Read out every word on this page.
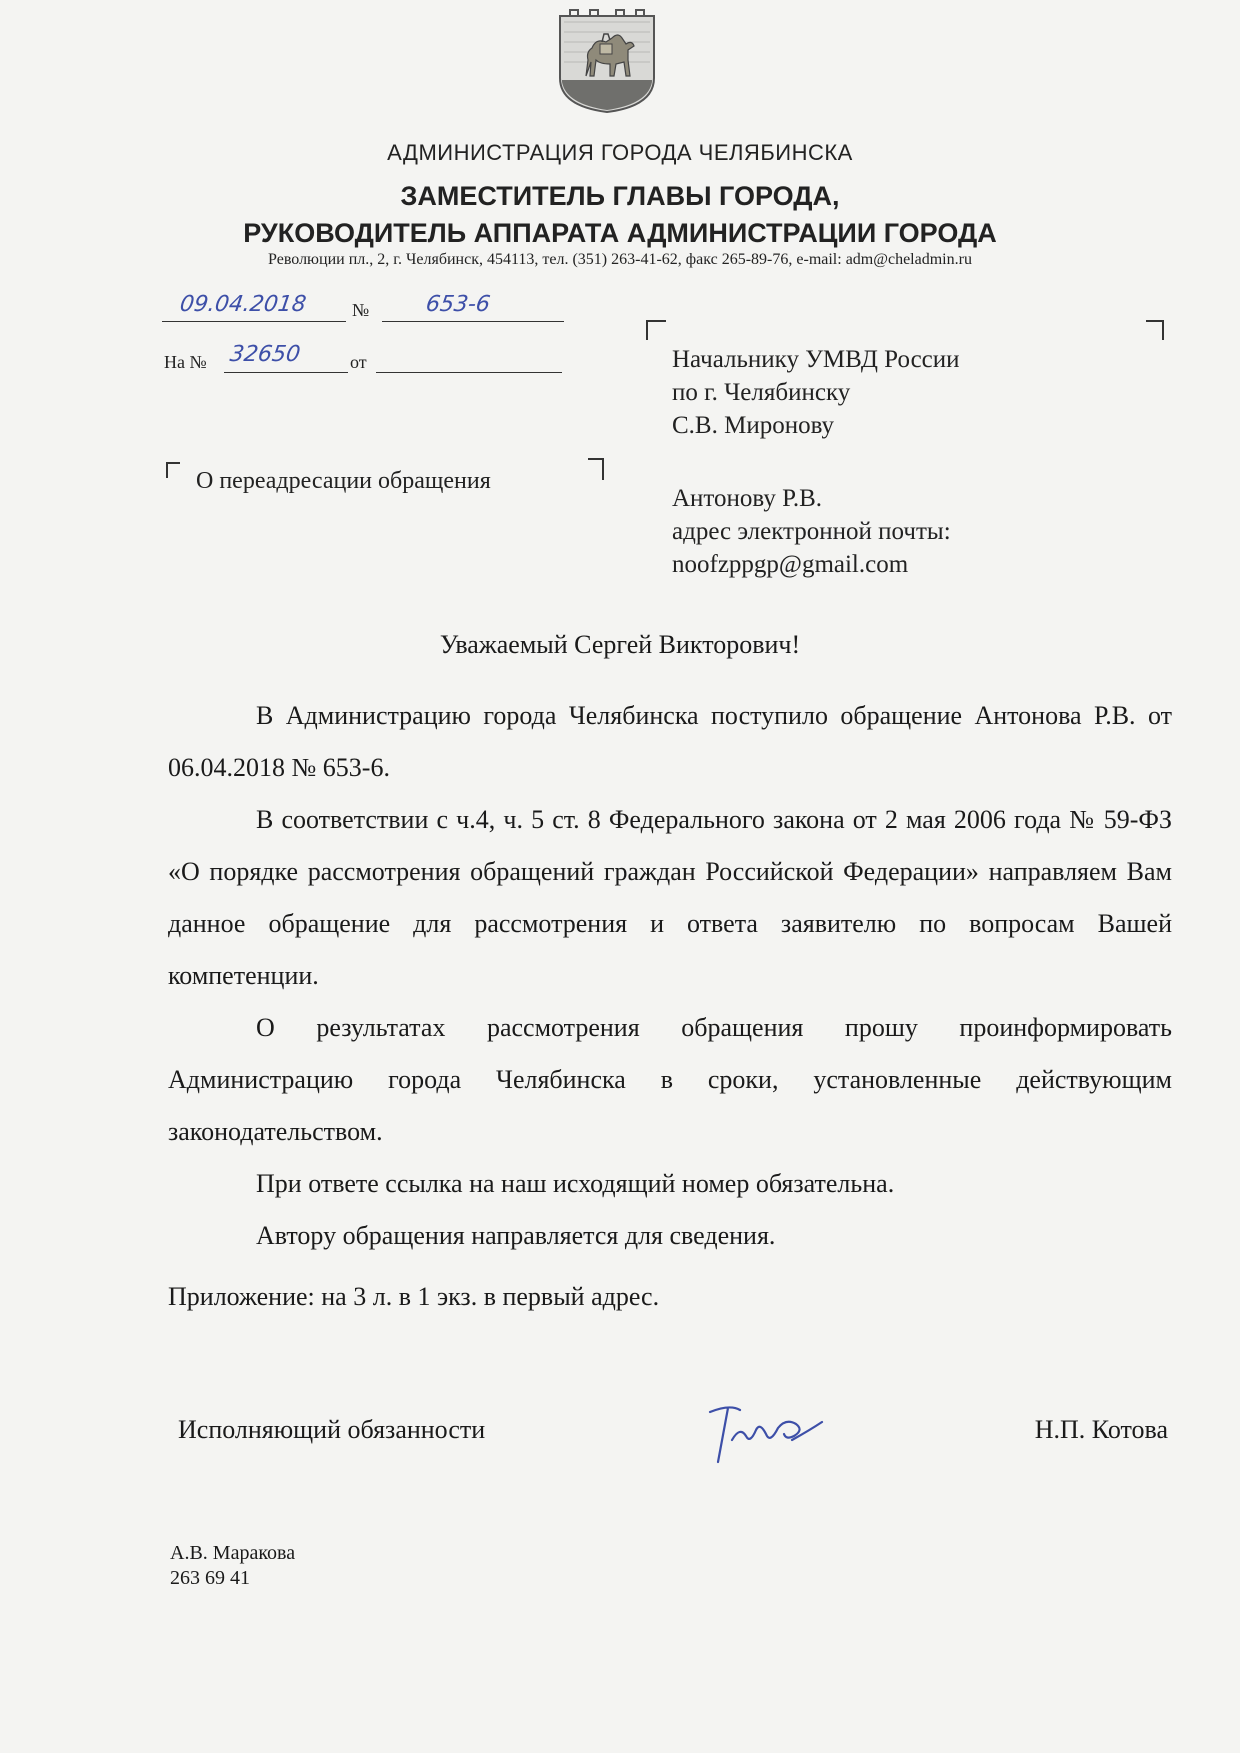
АДМИНИСТРАЦИЯ ГОРОДА ЧЕЛЯБИНСКА
ЗАМЕСТИТЕЛЬ ГЛАВЫ ГОРОДА,
РУКОВОДИТЕЛЬ АППАРАТА АДМИНИСТРАЦИИ ГОРОДА
Революции пл., 2, г. Челябинск, 454113, тел. (351) 263-41-62, факс 265-89-76, e-mail: adm@cheladmin.ru
09.04.2018 №	653-6
На № 32650	от
О переадресации обращения
Начальнику УМВД России
по г. Челябинску
С.В. Миронову
Антонову Р.В.
адрес электронной почты:
noofzppgp@gmail.com
Уважаемый Сергей Викторович!

В Администрацию города Челябинска поступило обращение Антонова Р.В. от 06.04.2018 № 653-6.

В соответствии с ч.4, ч. 5 ст. 8 Федерального закона от 2 мая 2006 года № 59-ФЗ «О порядке рассмотрения обращений граждан Российской Федерации» направляем Вам данное обращение для рассмотрения и ответа заявителю по вопросам Вашей компетенции.

О результатах рассмотрения обращения прошу проинформировать Администрацию города Челябинска в сроки, установленные действующим законодательством.

При ответе ссылка на наш исходящий номер обязательна.

Автору обращения направляется для сведения.

Приложение: на 3 л. в 1 экз. в первый адрес.
Исполняющий обязанности	Н.П. Котова
А.В. Маракова
263 69 41
